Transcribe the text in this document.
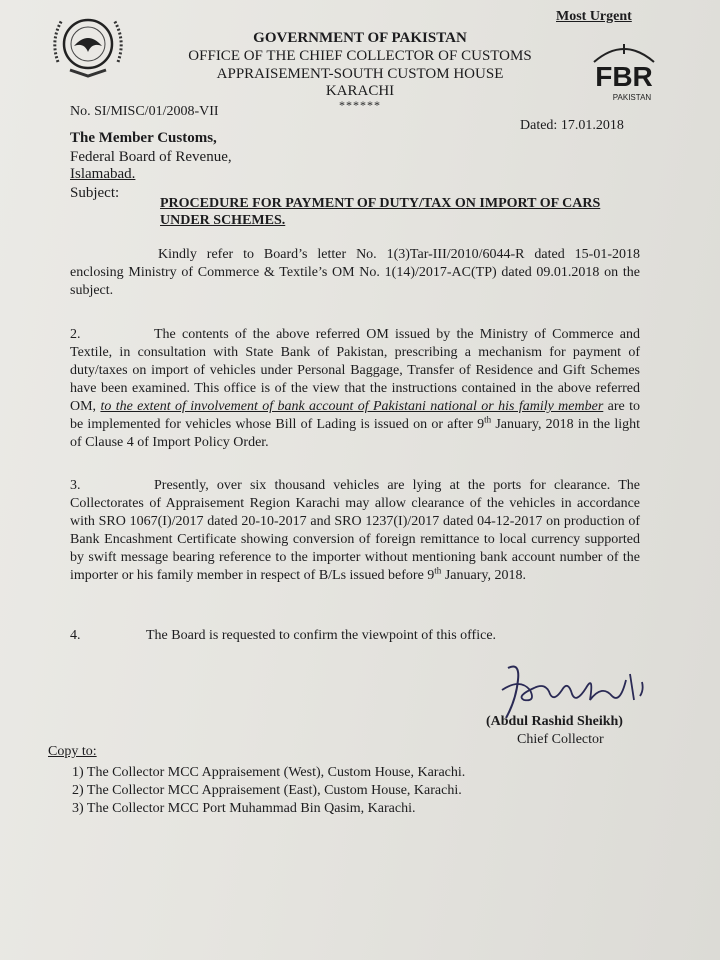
Most Urgent
FBR
PAKISTAN
GOVERNMENT OF PAKISTAN
OFFICE OF THE CHIEF COLLECTOR OF CUSTOMS
APPRAISEMENT-SOUTH CUSTOM HOUSE
KARACHI
******
No. SI/MISC/01/2008-VII
Dated: 17.01.2018
The Member Customs,
Federal Board of Revenue,
Islamabad.
Subject:
PROCEDURE FOR PAYMENT OF DUTY/TAX ON IMPORT OF CARS UNDER SCHEMES.
Kindly refer to Board’s letter No. 1(3)Tar-III/2010/6044-R dated 15-01-2018 enclosing Ministry of Commerce & Textile’s OM No. 1(14)/2017-AC(TP) dated 09.01.2018 on the subject.
2.	The contents of the above referred OM issued by the Ministry of Commerce and Textile, in consultation with State Bank of Pakistan, prescribing a mechanism for payment of duty/taxes on import of vehicles under Personal Baggage, Transfer of Residence and Gift Schemes have been examined. This office is of the view that the instructions contained in the above referred OM, to the extent of involvement of bank account of Pakistani national or his family member are to be implemented for vehicles whose Bill of Lading is issued on or after 9th January, 2018 in the light of Clause 4 of Import Policy Order.
3.	Presently, over six thousand vehicles are lying at the ports for clearance. The Collectorates of Appraisement Region Karachi may allow clearance of the vehicles in accordance with SRO 1067(I)/2017 dated 20-10-2017 and SRO 1237(I)/2017 dated 04-12-2017 on production of Bank Encashment Certificate showing conversion of foreign remittance to local currency supported by swift message bearing reference to the importer without mentioning bank account number of the importer or his family member in respect of B/Ls issued before 9th January, 2018.
4.	The Board is requested to confirm the viewpoint of this office.
(Abdul Rashid Sheikh)
Chief Collector
Copy to:
1) The Collector MCC Appraisement (West), Custom House, Karachi.
2) The Collector MCC Appraisement (East), Custom House, Karachi.
3) The Collector MCC Port Muhammad Bin Qasim, Karachi.
